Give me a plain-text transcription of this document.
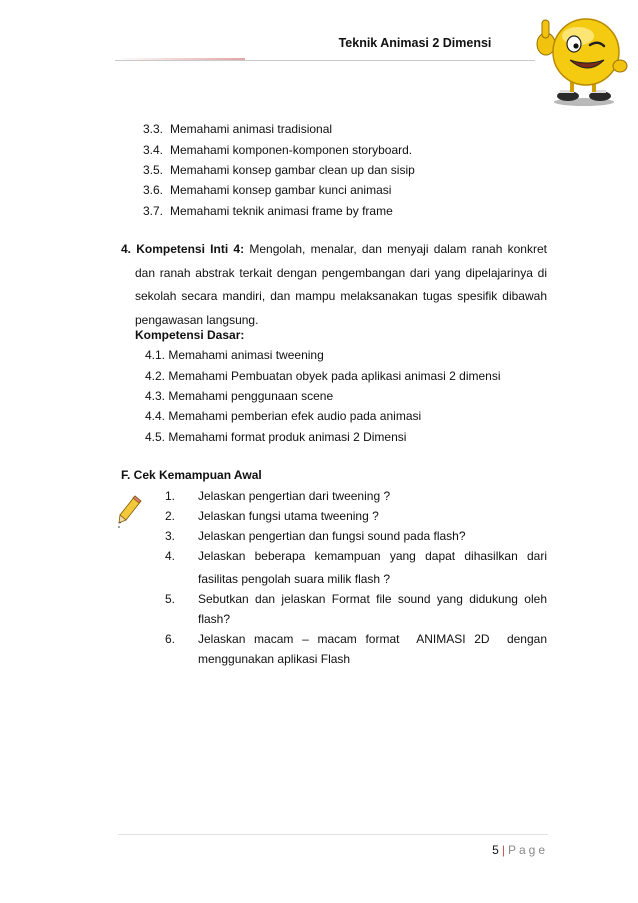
Teknik Animasi 2 Dimensi
3.3. Memahami animasi tradisional
3.4. Memahami komponen-komponen storyboard.
3.5. Memahami konsep gambar clean up dan sisip
3.6. Memahami konsep gambar kunci animasi
3.7. Memahami teknik animasi frame by frame
4. Kompetensi Inti 4: Mengolah, menalar, dan menyaji dalam ranah konkret
dan ranah abstrak terkait dengan pengembangan dari yang dipelajarinya di
sekolah secara mandiri, dan mampu melaksanakan tugas spesifik dibawah
pengawasan langsung.
Kompetensi Dasar:
4.1. Memahami animasi tweening
4.2. Memahami Pembuatan obyek pada aplikasi animasi 2 dimensi
4.3. Memahami penggunaan scene
4.4. Memahami pemberian efek audio pada animasi
4.5. Memahami format produk animasi 2 Dimensi
F. Cek Kemampuan Awal
1. Jelaskan pengertian dari tweening ?
2. Jelaskan fungsi utama tweening ?
3. Jelaskan pengertian dan fungsi sound pada flash?
4.	Jelaskan beberapa kemampuan yang dapat dihasilkan dari
fasilitas pengolah suara milik flash ?
5.	Sebutkan dan jelaskan Format file sound yang didukung oleh
flash?
6.	Jelaskan macam – macam format  ANIMASI 2D  dengan
menggunakan aplikasi Flash
5 | Page
